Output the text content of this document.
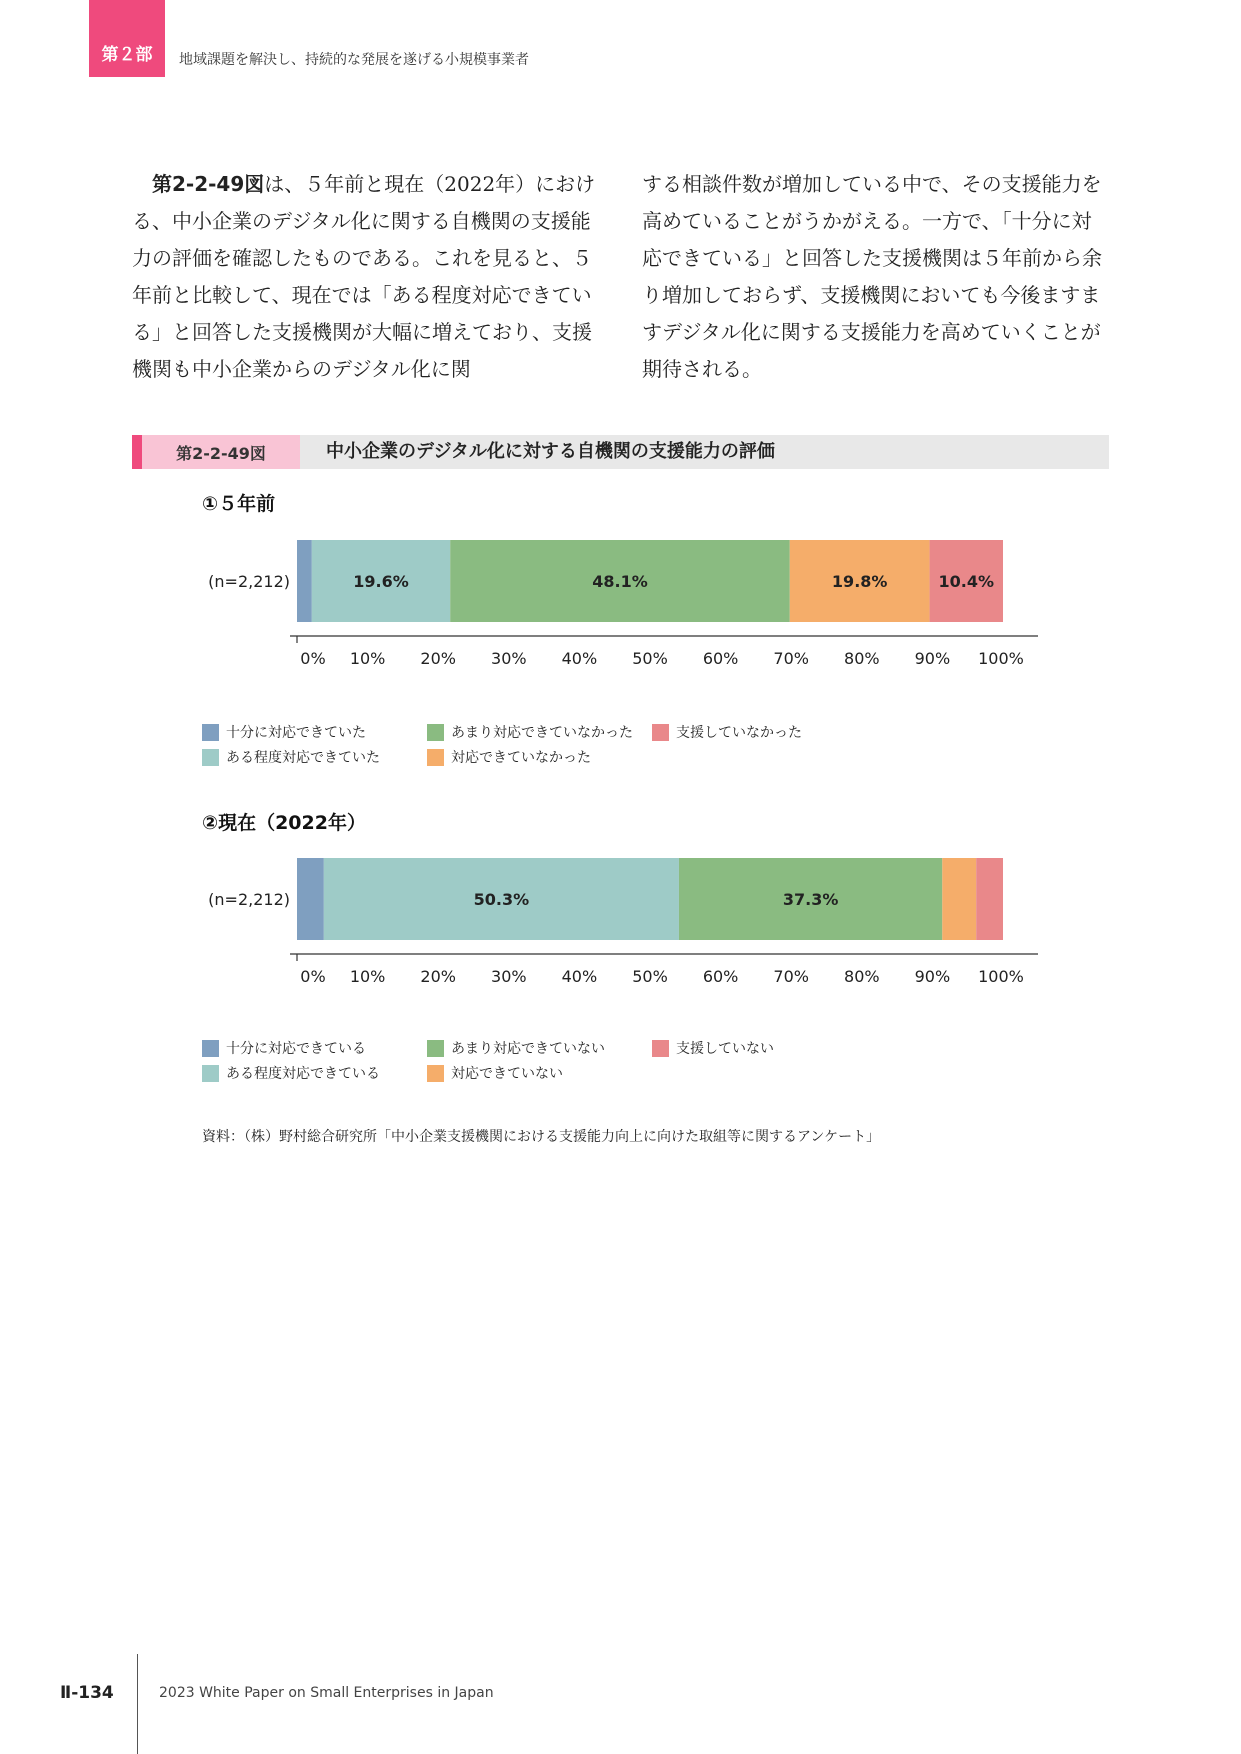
第２部 地域課題を解決し、持続的な発展を遂げる小規模事業者
第2-2-49図は、５年前と現在（2022年）における、中小企業のデジタル化に関する自機関の支援能力の評価を確認したものである。これを見ると、５年前と比較して、現在では「ある程度対応できている」と回答した支援機関が大幅に増えており、支援機関も中小企業からのデジタル化に関
する相談件数が増加している中で、その支援能力を高めていることがうかがえる。一方で、「十分に対応できている」と回答した支援機関は５年前から余り増加しておらず、支援機関においても今後ますますデジタル化に関する支援能力を高めていくことが期待される。
第2-2-49図	中小企業のデジタル化に対する自機関の支援能力の評価
①５年前
(n=2,212)	19.6%	48.1%	19.8%	10.4%
0% 10% 20% 30% 40% 50% 60% 70% 80% 90% 100%
十分に対応できていた
ある程度対応できていた
あまり対応できていなかった
対応できていなかった
支援していなかった
②現在（2022年）
(n=2,212)	50.3%	37.3%
0% 10% 20% 30% 40% 50% 60% 70% 80% 90% 100%
十分に対応できている
ある程度対応できている
あまり対応できていない
対応できていない
支援していない
資料：（株）野村総合研究所「中小企業支援機関における支援能力向上に向けた取組等に関するアンケート」
Ⅱ-134	2023 White Paper on Small Enterprises in Japan
